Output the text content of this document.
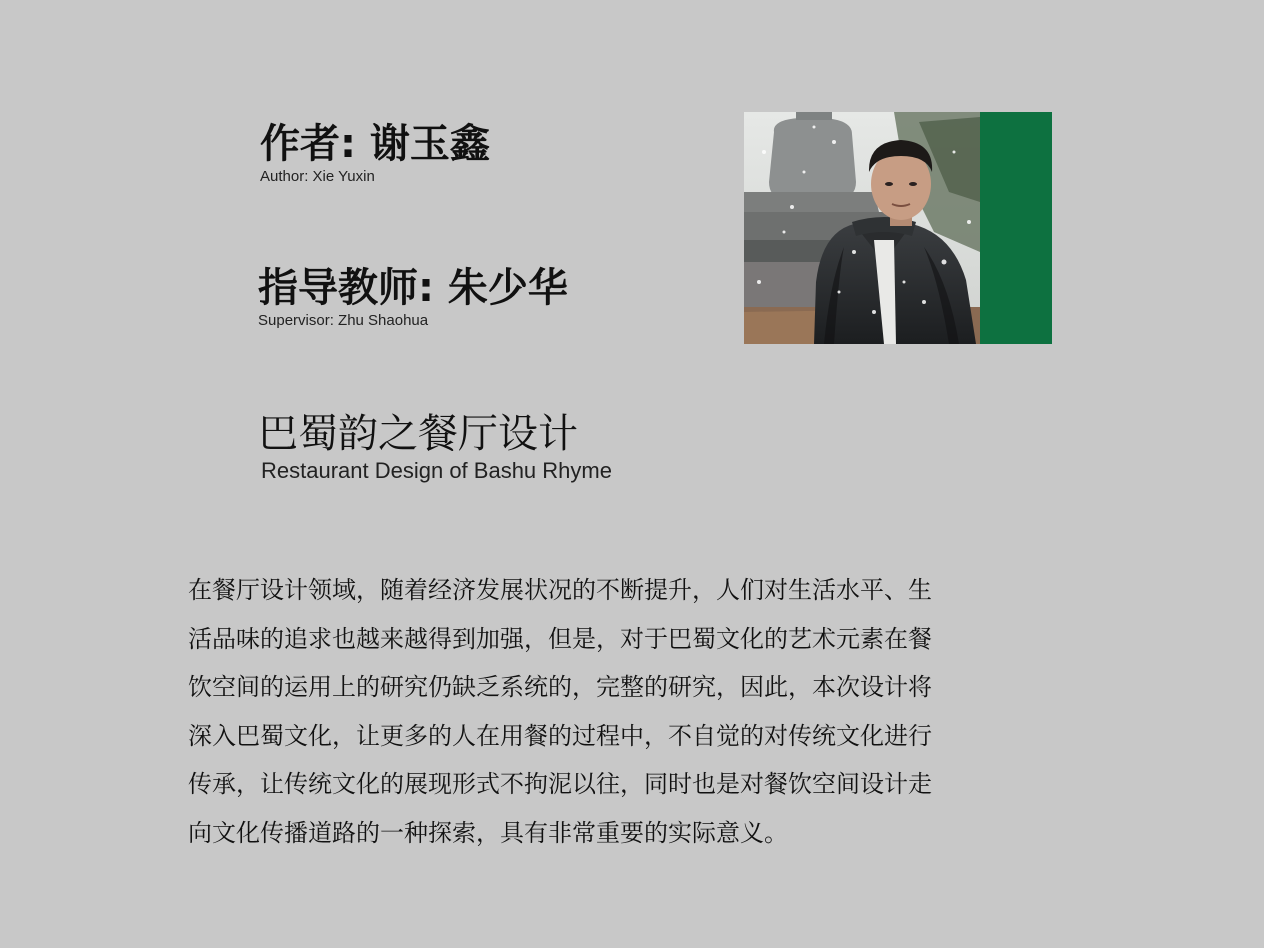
作者: 谢玉鑫
Author: Xie Yuxin
指导教师: 朱少华
Supervisor: Zhu Shaohua
巴蜀韵之餐厅设计
Restaurant Design of Bashu Rhyme
在餐厅设计领域，随着经济发展状况的不断提升，人们对生活水平、生
活品味的追求也越来越得到加强，但是，对于巴蜀文化的艺术元素在餐
饮空间的运用上的研究仍缺乏系统的，完整的研究，因此，本次设计将
深入巴蜀文化，让更多的人在用餐的过程中，不自觉的对传统文化进行
传承，让传统文化的展现形式不拘泥以往，同时也是对餐饮空间设计走
向文化传播道路的一种探索，具有非常重要的实际意义。
